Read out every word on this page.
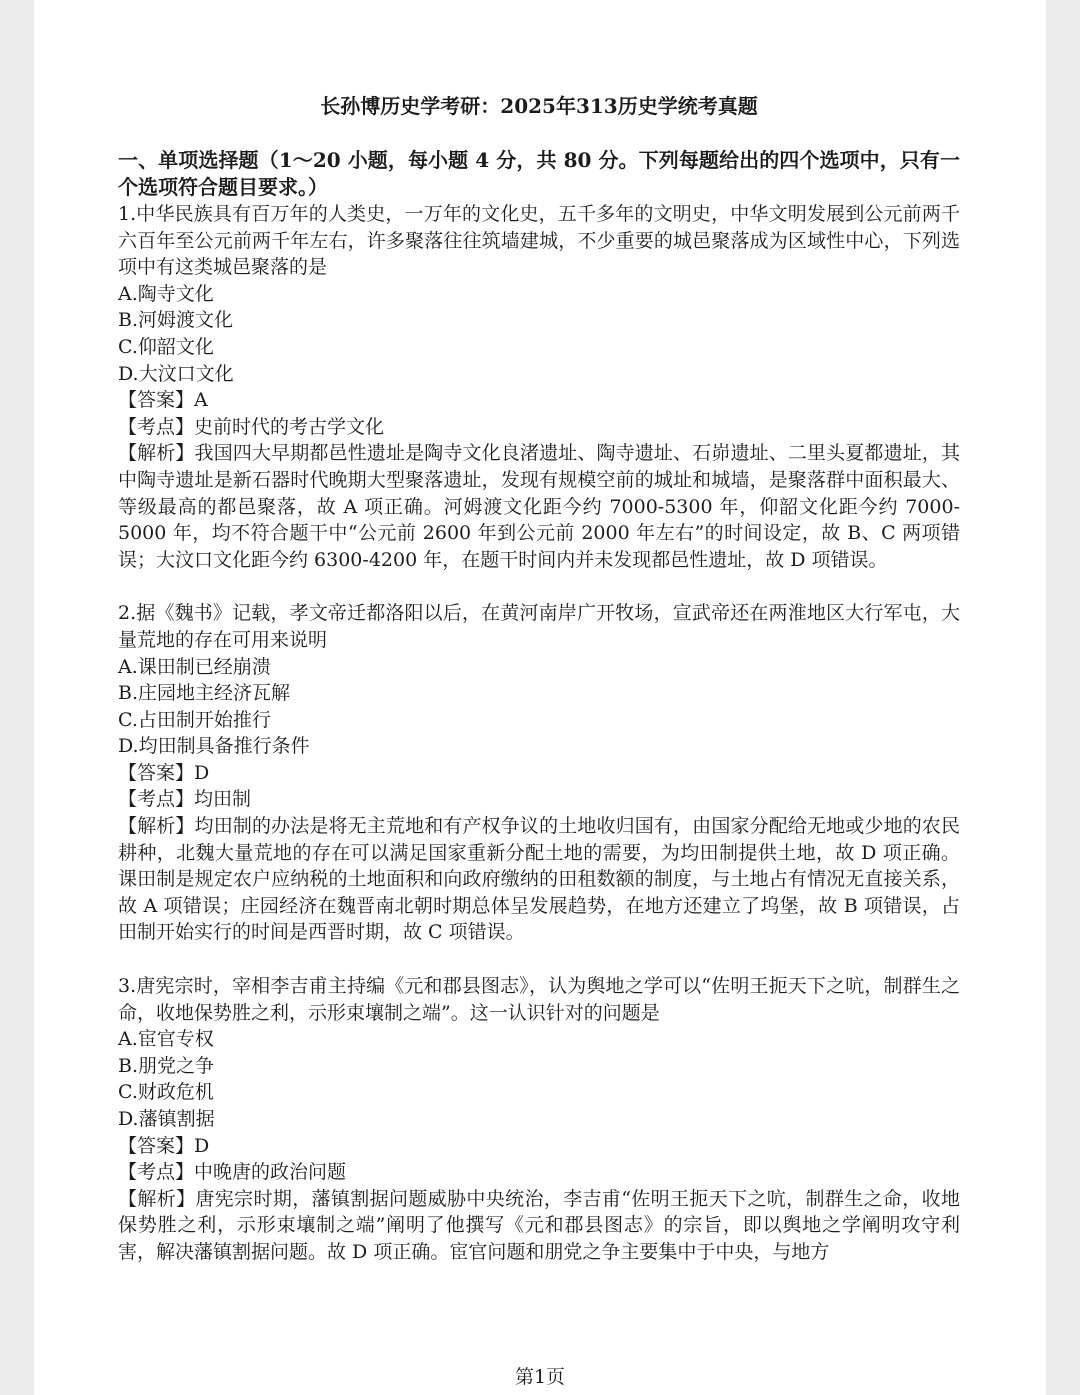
长孙博历史学考研：2025年313历史学统考真题

一、单项选择题（1～20 小题，每小题 4 分，共 80 分。下列每题给出的四个选项中，只有一个选项符合题目要求。）

1.中华民族具有百万年的人类史，一万年的文化史，五千多年的文明史，中华文明发展到公元前两千六百年至公元前两千年左右，许多聚落往往筑墙建城，不少重要的城邑聚落成为区域性中心，下列选项中有这类城邑聚落的是

A.陶寺文化

B.河姆渡文化

C.仰韶文化

D.大汶口文化

【答案】A

【考点】史前时代的考古学文化

【解析】我国四大早期都邑性遗址是陶寺文化良渚遗址、陶寺遗址、石峁遗址、二里头夏都遗址，其中陶寺遗址是新石器时代晚期大型聚落遗址，发现有规模空前的城址和城墙，是聚落群中面积最大、等级最高的都邑聚落，故 A 项正确。河姆渡文化距今约 7000-5300 年，仰韶文化距今约 7000-5000 年，均不符合题干中“公元前 2600 年到公元前 2000 年左右”的时间设定，故 B、C 两项错误；大汶口文化距今约 6300-4200 年，在题干时间内并未发现都邑性遗址，故 D 项错误。

2.据《魏书》记载，孝文帝迁都洛阳以后，在黄河南岸广开牧场，宣武帝还在两淮地区大行军屯，大量荒地的存在可用来说明

A.课田制已经崩溃

B.庄园地主经济瓦解

C.占田制开始推行

D.均田制具备推行条件

【答案】D

【考点】均田制

【解析】均田制的办法是将无主荒地和有产权争议的土地收归国有，由国家分配给无地或少地的农民耕种，北魏大量荒地的存在可以满足国家重新分配土地的需要，为均田制提供土地，故 D 项正确。课田制是规定农户应纳税的土地面积和向政府缴纳的田租数额的制度，与土地占有情况无直接关系，故 A 项错误；庄园经济在魏晋南北朝时期总体呈发展趋势，在地方还建立了坞堡，故 B 项错误，占田制开始实行的时间是西晋时期，故 C 项错误。

3.唐宪宗时，宰相李吉甫主持编《元和郡县图志》，认为舆地之学可以“佐明王扼天下之吭，制群生之命，收地保势胜之利，示形束壤制之端”。这一认识针对的问题是

A.宦官专权

B.朋党之争

C.财政危机

D.藩镇割据

【答案】D

【考点】中晚唐的政治问题

【解析】唐宪宗时期，藩镇割据问题威胁中央统治，李吉甫“佐明王扼天下之吭，制群生之命，收地保势胜之利，示形束壤制之端”阐明了他撰写《元和郡县图志》的宗旨，即以舆地之学阐明攻守利害，解决藩镇割据问题。故 D 项正确。宦官问题和朋党之争主要集中于中央，与地方

第1页
